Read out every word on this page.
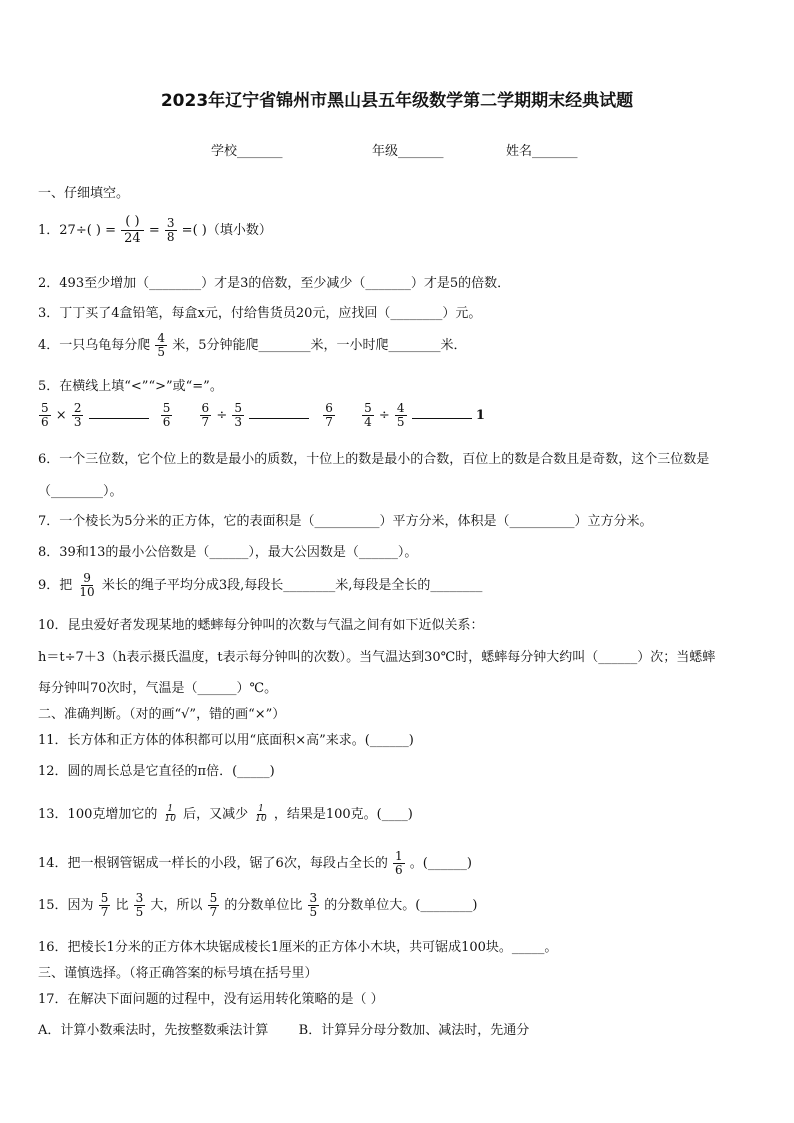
2023年辽宁省锦州市黑山县五年级数学第二学期期末经典试题
学校_______	年级_______	姓名_______
一、仔细填空。
1．27÷( ) = $\frac{( )}{24} = \frac{3}{8}$ =( )（填小数）
2．493至少增加（________）才是3的倍数，至少减少（_______）才是5的倍数．
3．丁丁买了4盒铅笔，每盒x元，付给售货员20元，应找回（________）元。
4．一只乌龟每分爬 $\frac{4}{5}$ 米，5分钟能爬________米，一小时爬________米．
5．在横线上填“<”“>”或“=”。
$\frac{5}{6} \times \frac{2}{3}$
	$\frac{5}{6}$
$\frac{6}{7} \div \frac{5}{3}$
	$\frac{6}{7}$
$\frac{5}{4} \div \frac{4}{5}$	1
6．一个三位数，它个位上的数是最小的质数，十位上的数是最小的合数，百位上的数是合数且是奇数，这个三位数是
（________）。
7．一个棱长为5分米的正方体，它的表面积是（__________）平方分米，体积是（__________）立方分米。
8．39和13的最小公倍数是（______），最大公因数是（______）。
9．把 $\frac{9}{10}$ 米长的绳子平均分成3段,每段长________米,每段是全长的________
10．昆虫爱好者发现某地的蟋蟀每分钟叫的次数与气温之间有如下近似关系：
h＝t÷7＋3（h表示摄氏温度，t表示每分钟叫的次数）。当气温达到30℃时，蟋蟀每分钟大约叫（______）次；当蟋蟀
每分钟叫70次时，气温是（______）℃。
二、准确判断。（对的画“√”，错的画“×”）
11．长方体和正方体的体积都可以用“底面积×高”来求。(______)
12．圆的周长总是它直径的π倍．(_____)
13．100克增加它的 $\frac{1}{10}$ 后，又减少 $\frac{1}{10}$ ，结果是100克。(____)
14．把一根钢管锯成一样长的小段，锯了6次，每段占全长的 $\frac{1}{6}$ 。(______)
15．因为 $\frac{5}{7}$ 比 $\frac{3}{5}$ 大，所以 $\frac{5}{7}$ 的分数单位比 $\frac{3}{5}$ 的分数单位大。(________)
16．把棱长1分米的正方体木块锯成棱长1厘米的正方体小木块，共可锯成100块。_____。
三、谨慎选择。（将正确答案的标号填在括号里）
17．在解决下面问题的过程中，没有运用转化策略的是（ ）
A．计算小数乘法时，先按整数乘法计算 B．计算异分母分数加、减法时，先通分
